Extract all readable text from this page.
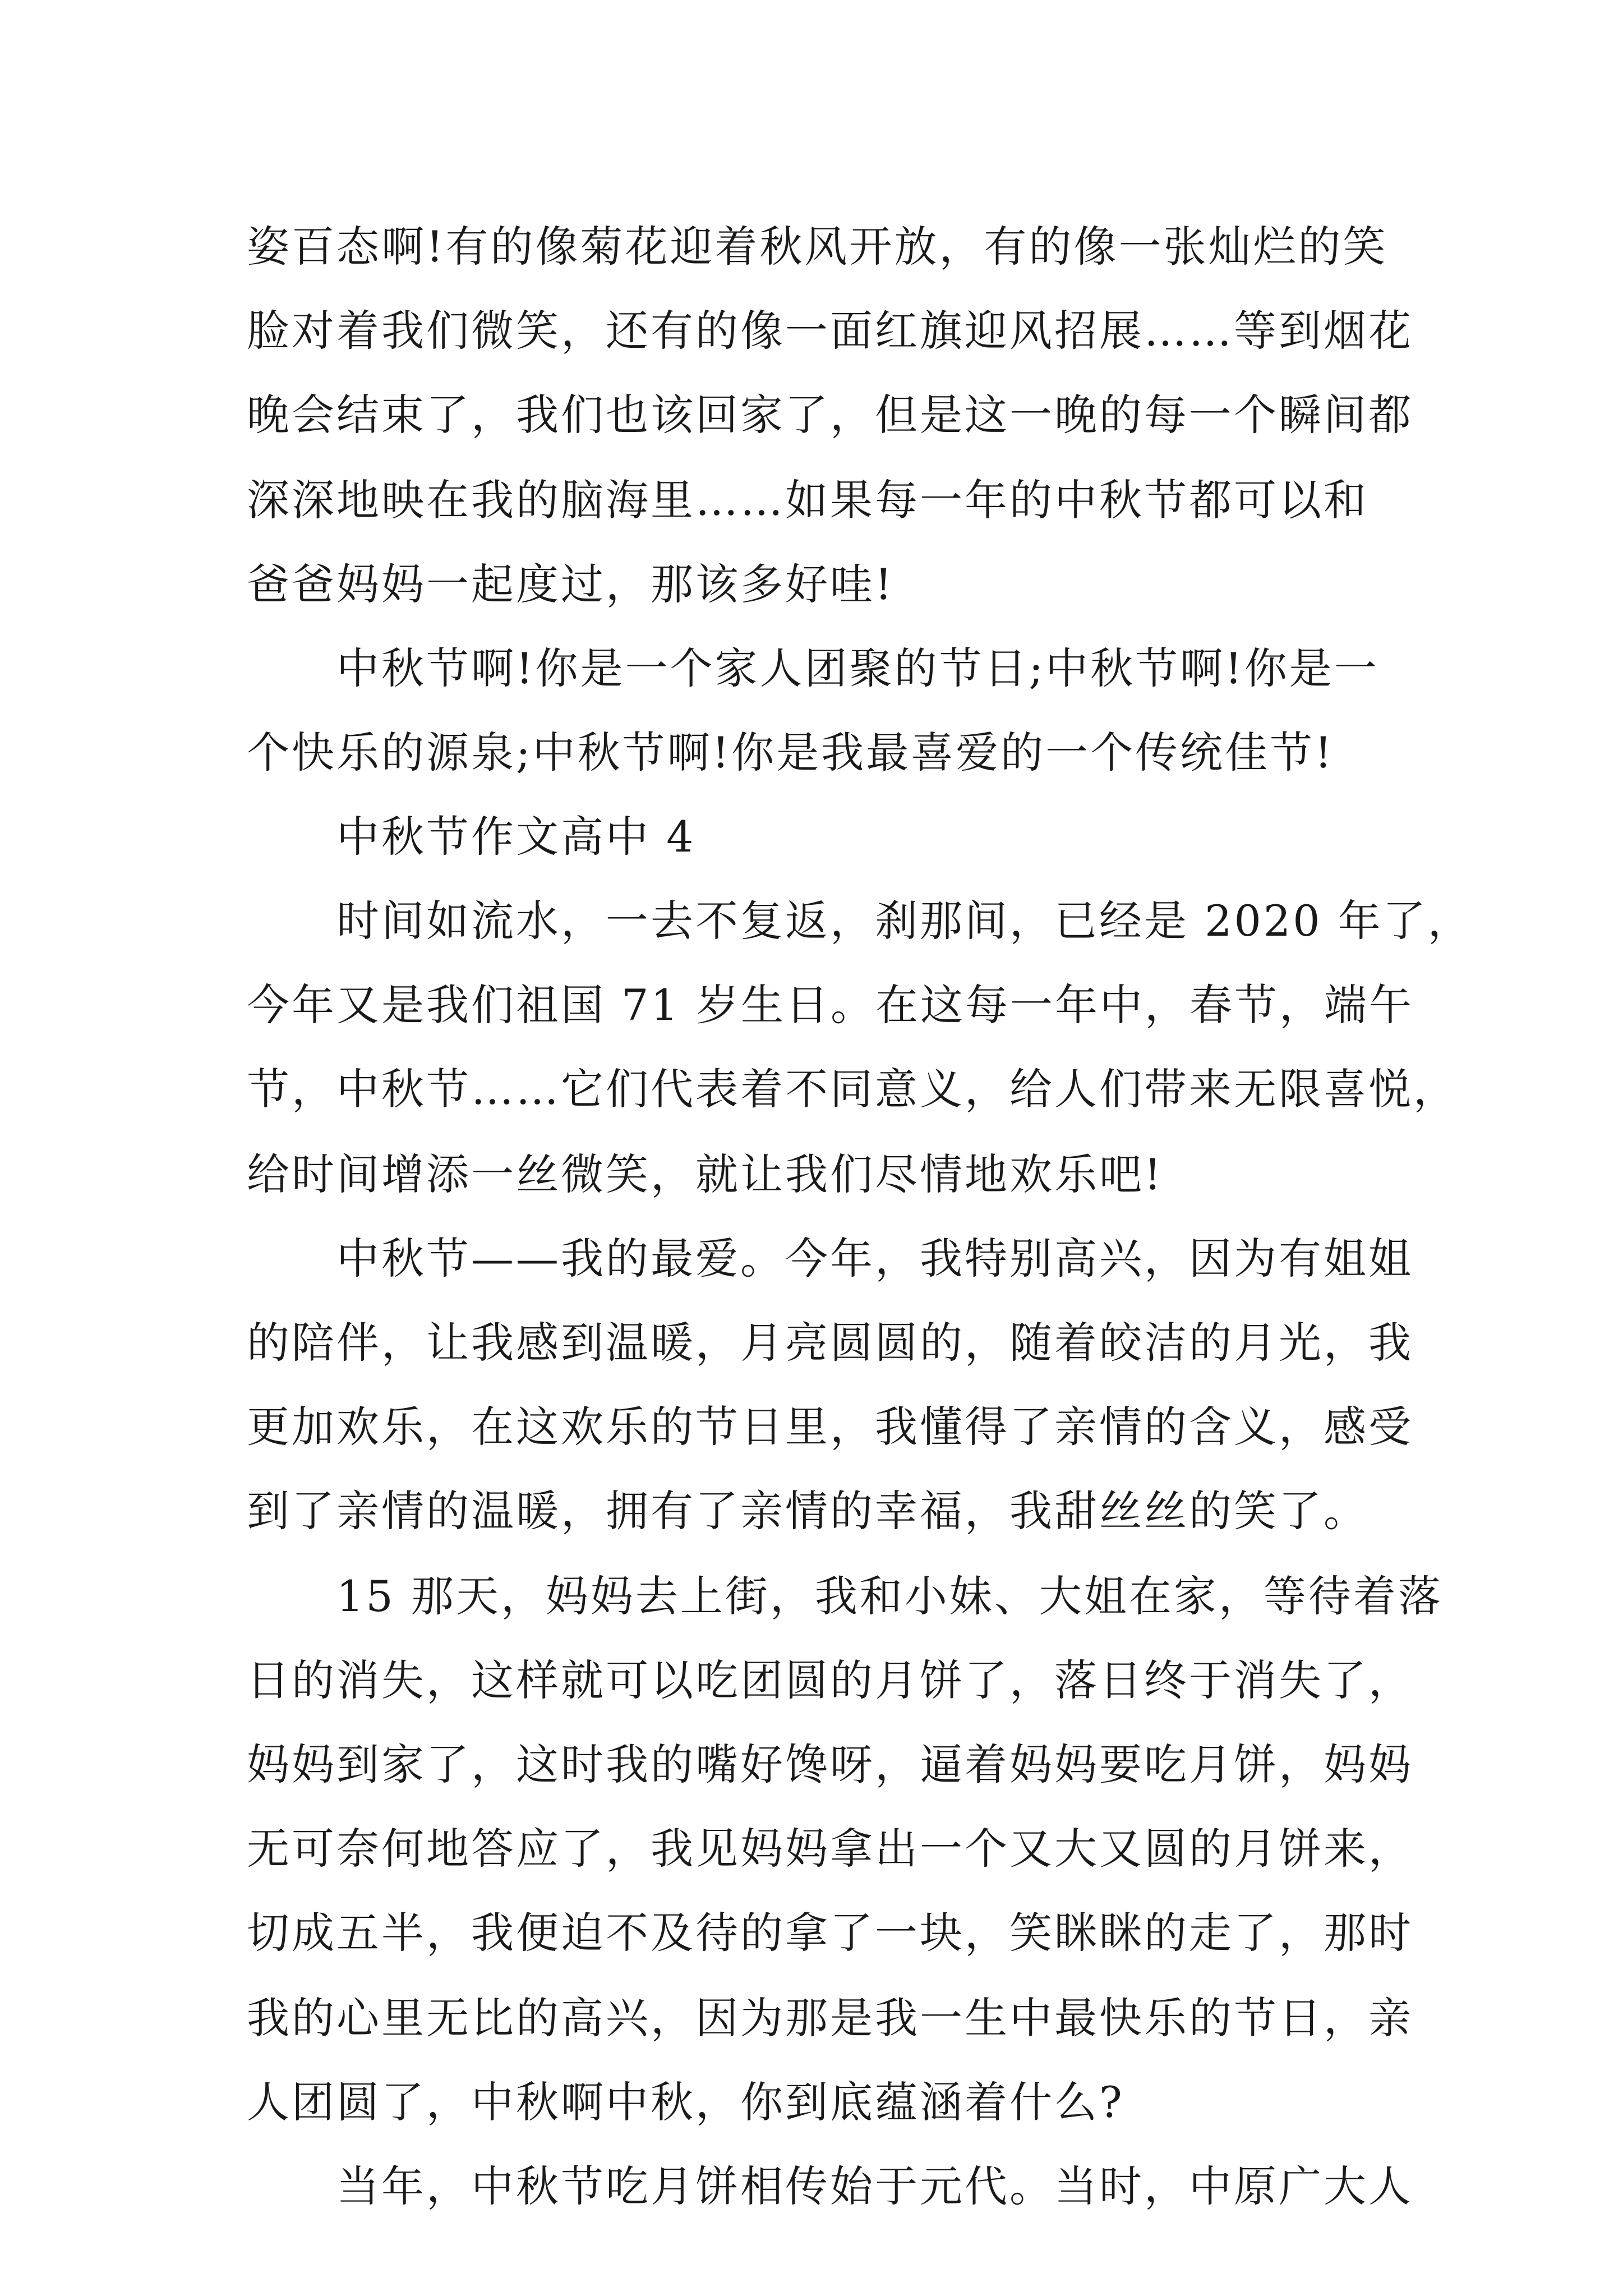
姿百态啊!有的像菊花迎着秋风开放，有的像一张灿烂的笑
脸对着我们微笑，还有的像一面红旗迎风招展……等到烟花
晚会结束了，我们也该回家了，但是这一晚的每一个瞬间都
深深地映在我的脑海里……如果每一年的中秋节都可以和
爸爸妈妈一起度过，那该多好哇!
中秋节啊!你是一个家人团聚的节日;中秋节啊!你是一
个快乐的源泉;中秋节啊!你是我最喜爱的一个传统佳节!
中秋节作文高中 4
时间如流水，一去不复返，刹那间，已经是 2020 年了，
今年又是我们祖国 71 岁生日。在这每一年中，春节，端午
节，中秋节……它们代表着不同意义，给人们带来无限喜悦，
给时间增添一丝微笑，就让我们尽情地欢乐吧!
中秋节——我的最爱。今年，我特别高兴，因为有姐姐
的陪伴，让我感到温暖，月亮圆圆的，随着皎洁的月光，我
更加欢乐，在这欢乐的节日里，我懂得了亲情的含义，感受
到了亲情的温暖，拥有了亲情的幸福，我甜丝丝的笑了。
15 那天，妈妈去上街，我和小妹、大姐在家，等待着落
日的消失，这样就可以吃团圆的月饼了，落日终于消失了，
妈妈到家了，这时我的嘴好馋呀，逼着妈妈要吃月饼，妈妈
无可奈何地答应了，我见妈妈拿出一个又大又圆的月饼来，
切成五半，我便迫不及待的拿了一块，笑眯眯的走了，那时
我的心里无比的高兴，因为那是我一生中最快乐的节日，亲
人团圆了，中秋啊中秋，你到底蕴涵着什么?
当年，中秋节吃月饼相传始于元代。当时，中原广大人
